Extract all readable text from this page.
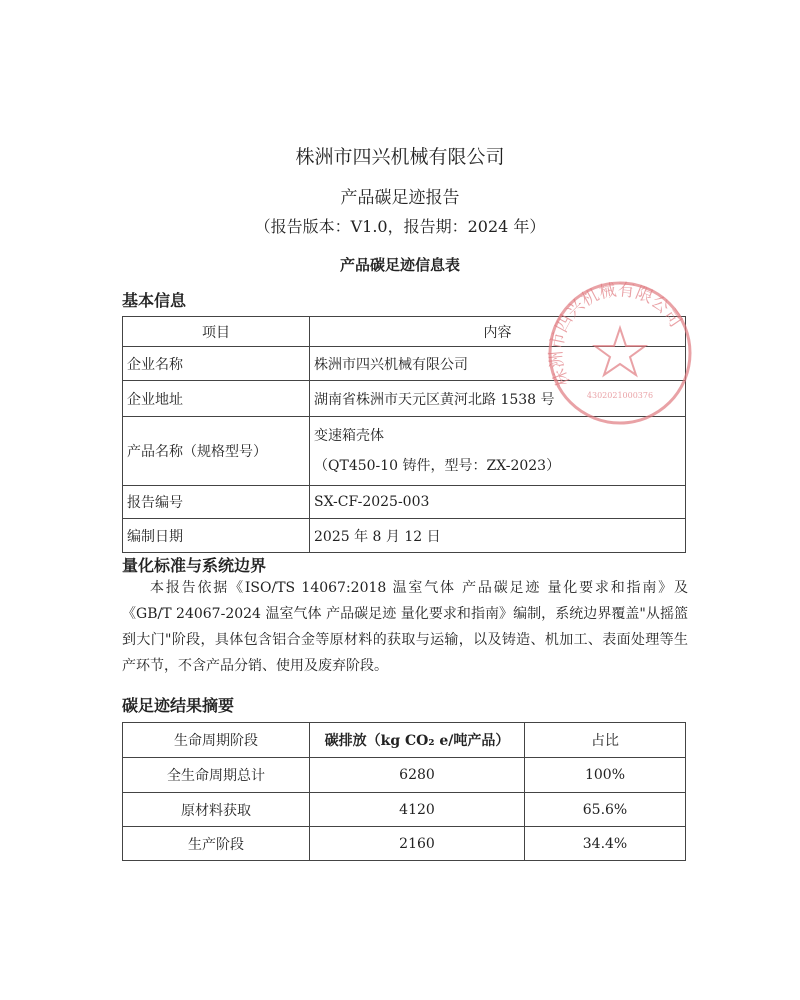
株洲市四兴机械有限公司
产品碳足迹报告
（报告版本：V1.0，报告期：2024 年）
产品碳足迹信息表
基本信息
项目	内容
企业名称	株洲市四兴机械有限公司
企业地址	湖南省株洲市天元区黄河北路 1538 号
产品名称（规格型号）	变速箱壳体
（QT450-10 铸件，型号：ZX-2023）

报告编号	SX-CF-2025-003
编制日期	2025 年 8 月 12 日
株洲市四兴机械有限公司
4302021000376
量化标准与系统边界
本报告依据《ISO/TS 14067:2018 温室气体 产品碳足迹 量化要求和指南》及《GB/T 24067-2024 温室气体 产品碳足迹 量化要求和指南》编制，系统边界覆盖"从摇篮到大门"阶段，具体包含铝合金等原材料的获取与运输，以及铸造、机加工、表面处理等生产环节，不含产品分销、使用及废弃阶段。
碳足迹结果摘要
生命周期阶段	碳排放（kg CO₂ e/吨产品）	占比
全生命周期总计	6280	100%
原材料获取	4120	65.6%
生产阶段	2160	34.4%
